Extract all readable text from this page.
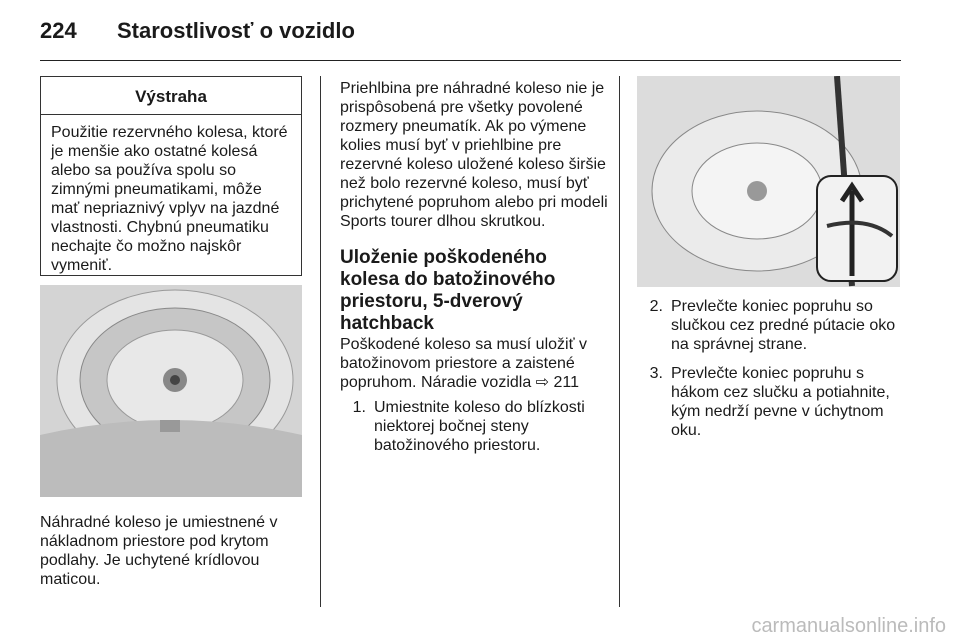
224 Starostlivosť o vozidlo
Výstraha
Použitie rezervného kolesa, ktoré je menšie ako ostatné kolesá alebo sa používa spolu so zimnými pneumatikami, môže mať nepriaznivý vplyv na jazdné vlastnosti. Chybnú pneumatiku nechajte čo možno najskôr vymeniť.
Náhradné koleso je umiestnené v nákladnom priestore pod krytom podlahy. Je uchytené krídlovou maticou.
Priehlbina pre náhradné koleso nie je prispôsobená pre všetky povolené rozmery pneumatík. Ak po výmene kolies musí byť v priehlbine pre rezervné koleso uložené koleso širšie než bolo rezervné koleso, musí byť prichytené popruhom alebo pri modeli Sports tourer dlhou skrutkou.
Uloženie poškodeného kolesa do batožinového priestoru, 5-dverový hatchback
Poškodené koleso sa musí uložiť v batožinovom priestore a zaistené popruhom. Náradie vozidla ⇨ 211
1. Umiestnite koleso do blízkosti niektorej bočnej steny batožinového priestoru.
2. Prevlečte koniec popruhu so slučkou cez predné pútacie oko na správnej strane.
3. Prevlečte koniec popruhu s hákom cez slučku a potiahnite, kým nedrží pevne v úchytnom oku.
carmanualsonline.info
